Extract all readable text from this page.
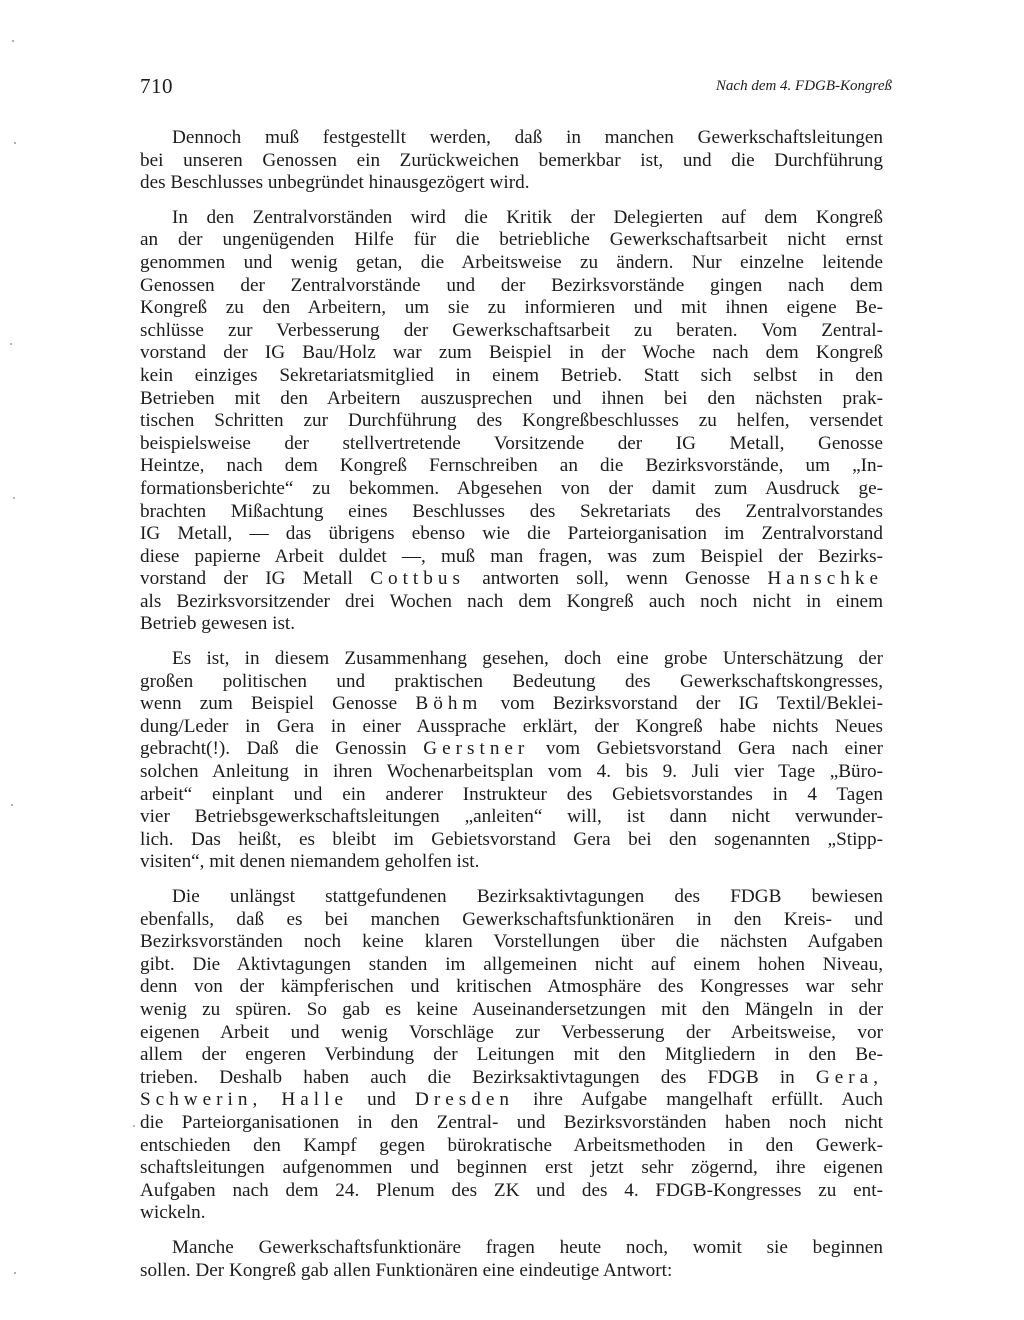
710	Nach dem 4. FDGB-Kongreß
Dennoch muß festgestellt werden, daß in manchen Gewerkschaftsleitungen
bei unseren Genossen ein Zurückweichen bemerkbar ist, und die Durchführung
des Beschlusses unbegründet hinausgezögert wird.
In den Zentralvorständen wird die Kritik der Delegierten auf dem Kongreß
an der ungenügenden Hilfe für die betriebliche Gewerkschaftsarbeit nicht ernst
genommen und wenig getan, die Arbeitsweise zu ändern. Nur einzelne leitende
Genossen der Zentralvorstände und der Bezirksvorstände gingen nach dem
Kongreß zu den Arbeitern, um sie zu informieren und mit ihnen eigene Be-
schlüsse zur Verbesserung der Gewerkschaftsarbeit zu beraten. Vom Zentral-
vorstand der IG Bau/Holz war zum Beispiel in der Woche nach dem Kongreß
kein einziges Sekretariatsmitglied in einem Betrieb. Statt sich selbst in den
Betrieben mit den Arbeitern auszusprechen und ihnen bei den nächsten prak-
tischen Schritten zur Durchführung des Kongreßbeschlusses zu helfen, versendet
beispielsweise der stellvertretende Vorsitzende der IG Metall, Genosse
Heintze, nach dem Kongreß Fernschreiben an die Bezirksvorstände, um „In-
formationsberichte“ zu bekommen. Abgesehen von der damit zum Ausdruck ge-
brachten Mißachtung eines Beschlusses des Sekretariats des Zentralvorstandes
IG Metall, — das übrigens ebenso wie die Parteiorganisation im Zentralvorstand
diese papierne Arbeit duldet —, muß man fragen, was zum Beispiel der Bezirks-
vorstand der IG Metall Cottbus antworten soll, wenn Genosse Hanschke
als Bezirksvorsitzender drei Wochen nach dem Kongreß auch noch nicht in einem
Betrieb gewesen ist.
Es ist, in diesem Zusammenhang gesehen, doch eine grobe Unterschätzung der
großen politischen und praktischen Bedeutung des Gewerkschaftskongresses,
wenn zum Beispiel Genosse Böhm vom Bezirksvorstand der IG Textil/Beklei-
dung/Leder in Gera in einer Aussprache erklärt, der Kongreß habe nichts Neues
gebracht(!). Daß die Genossin Gerstner vom Gebietsvorstand Gera nach einer
solchen Anleitung in ihren Wochenarbeitsplan vom 4. bis 9. Juli vier Tage „Büro-
arbeit“ einplant und ein anderer Instrukteur des Gebietsvorstandes in 4 Tagen
vier Betriebsgewerkschaftsleitungen „anleiten“ will, ist dann nicht verwunder-
lich. Das heißt, es bleibt im Gebietsvorstand Gera bei den sogenannten „Stipp-
visiten“, mit denen niemandem geholfen ist.
Die unlängst stattgefundenen Bezirksaktivtagungen des FDGB bewiesen
ebenfalls, daß es bei manchen Gewerkschaftsfunktionären in den Kreis- und
Bezirksvorständen noch keine klaren Vorstellungen über die nächsten Aufgaben
gibt. Die Aktivtagungen standen im allgemeinen nicht auf einem hohen Niveau,
denn von der kämpferischen und kritischen Atmosphäre des Kongresses war sehr
wenig zu spüren. So gab es keine Auseinandersetzungen mit den Mängeln in der
eigenen Arbeit und wenig Vorschläge zur Verbesserung der Arbeitsweise, vor
allem der engeren Verbindung der Leitungen mit den Mitgliedern in den Be-
trieben. Deshalb haben auch die Bezirksaktivtagungen des FDGB in Gera,
Schwerin, Halle und Dresden ihre Aufgabe mangelhaft erfüllt. Auch
die Parteiorganisationen in den Zentral- und Bezirksvorständen haben noch nicht
entschieden den Kampf gegen bürokratische Arbeitsmethoden in den Gewerk-
schaftsleitungen aufgenommen und beginnen erst jetzt sehr zögernd, ihre eigenen
Aufgaben nach dem 24. Plenum des ZK und des 4. FDGB-Kongresses zu ent-
wickeln.
Manche Gewerkschaftsfunktionäre fragen heute noch, womit sie beginnen
sollen. Der Kongreß gab allen Funktionären eine eindeutige Antwort:
